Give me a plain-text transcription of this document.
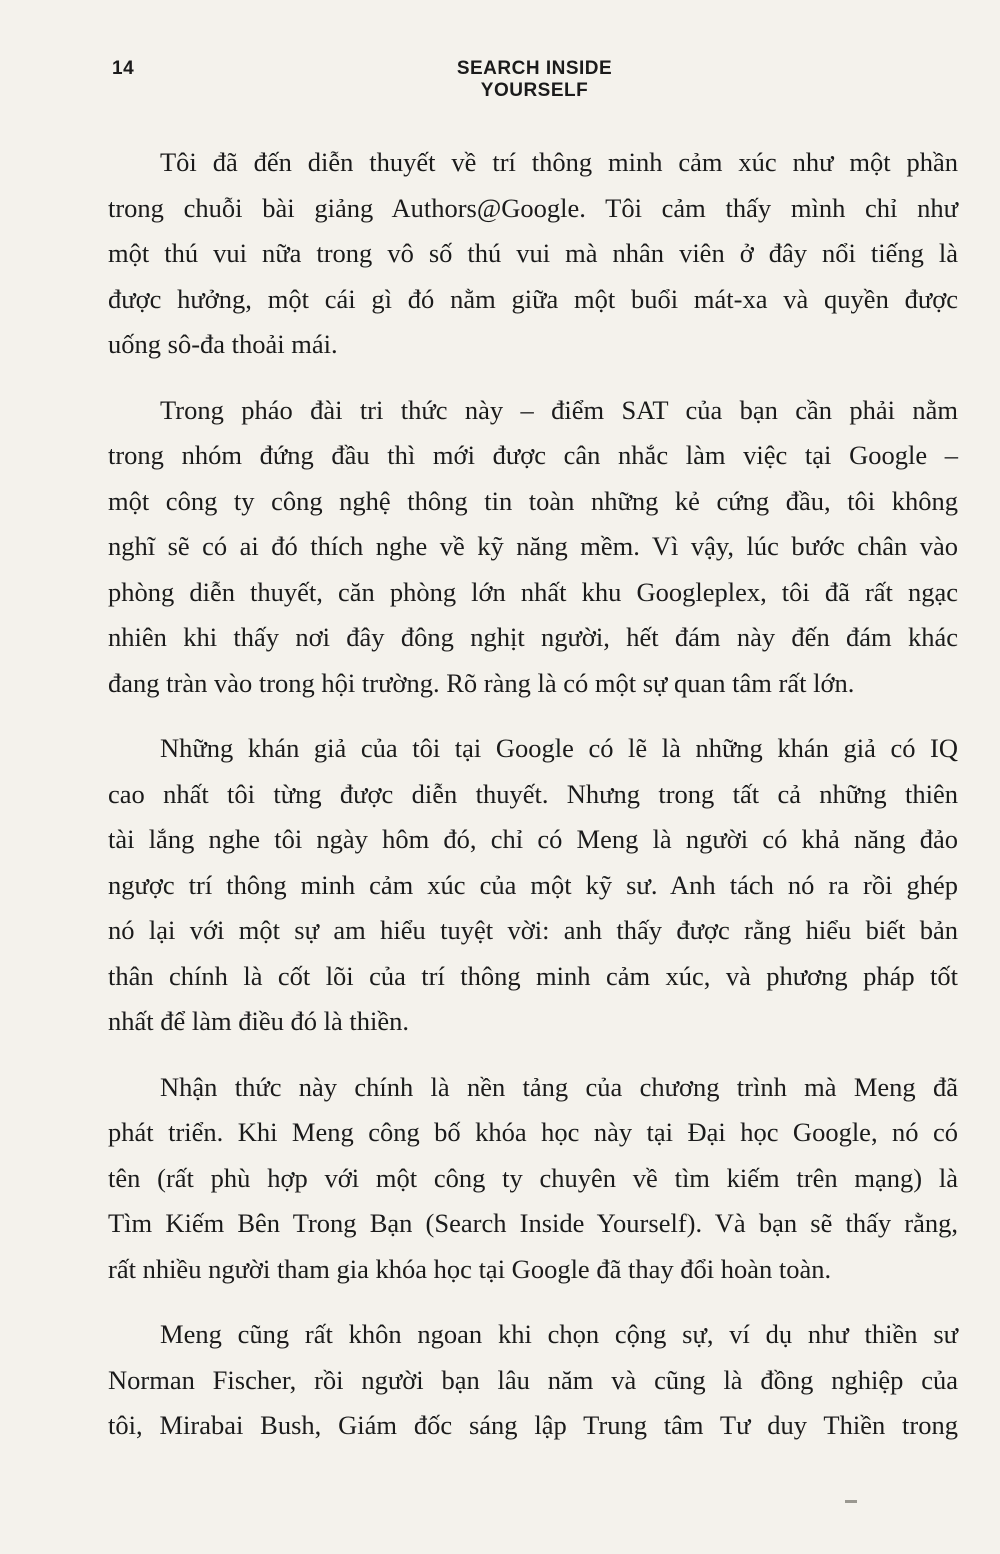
14	SEARCH INSIDE YOURSELF

Tôi đã đến diễn thuyết về trí thông minh cảm xúc như một phần
trong chuỗi bài giảng Authors@Google. Tôi cảm thấy mình chỉ như
một thú vui nữa trong vô số thú vui mà nhân viên ở đây nổi tiếng là
được hưởng, một cái gì đó nằm giữa một buổi mát-xa và quyền được
uống sô-đa thoải mái.

Trong pháo đài tri thức này – điểm SAT của bạn cần phải nằm
trong nhóm đứng đầu thì mới được cân nhắc làm việc tại Google –
một công ty công nghệ thông tin toàn những kẻ cứng đầu, tôi không
nghĩ sẽ có ai đó thích nghe về kỹ năng mềm. Vì vậy, lúc bước chân vào
phòng diễn thuyết, căn phòng lớn nhất khu Googleplex, tôi đã rất ngạc
nhiên khi thấy nơi đây đông nghịt người, hết đám này đến đám khác
đang tràn vào trong hội trường. Rõ ràng là có một sự quan tâm rất lớn.

Những khán giả của tôi tại Google có lẽ là những khán giả có IQ
cao nhất tôi từng được diễn thuyết. Nhưng trong tất cả những thiên
tài lắng nghe tôi ngày hôm đó, chỉ có Meng là người có khả năng đảo
ngược trí thông minh cảm xúc của một kỹ sư. Anh tách nó ra rồi ghép
nó lại với một sự am hiểu tuyệt vời: anh thấy được rằng hiểu biết bản
thân chính là cốt lõi của trí thông minh cảm xúc, và phương pháp tốt
nhất để làm điều đó là thiền.

Nhận thức này chính là nền tảng của chương trình mà Meng đã
phát triển. Khi Meng công bố khóa học này tại Đại học Google, nó có
tên (rất phù hợp với một công ty chuyên về tìm kiếm trên mạng) là
Tìm Kiếm Bên Trong Bạn (Search Inside Yourself). Và bạn sẽ thấy rằng,
rất nhiều người tham gia khóa học tại Google đã thay đổi hoàn toàn.

Meng cũng rất khôn ngoan khi chọn cộng sự, ví dụ như thiền sư
Norman Fischer, rồi người bạn lâu năm và cũng là đồng nghiệp của
tôi, Mirabai Bush, Giám đốc sáng lập Trung tâm Tư duy Thiền trong
